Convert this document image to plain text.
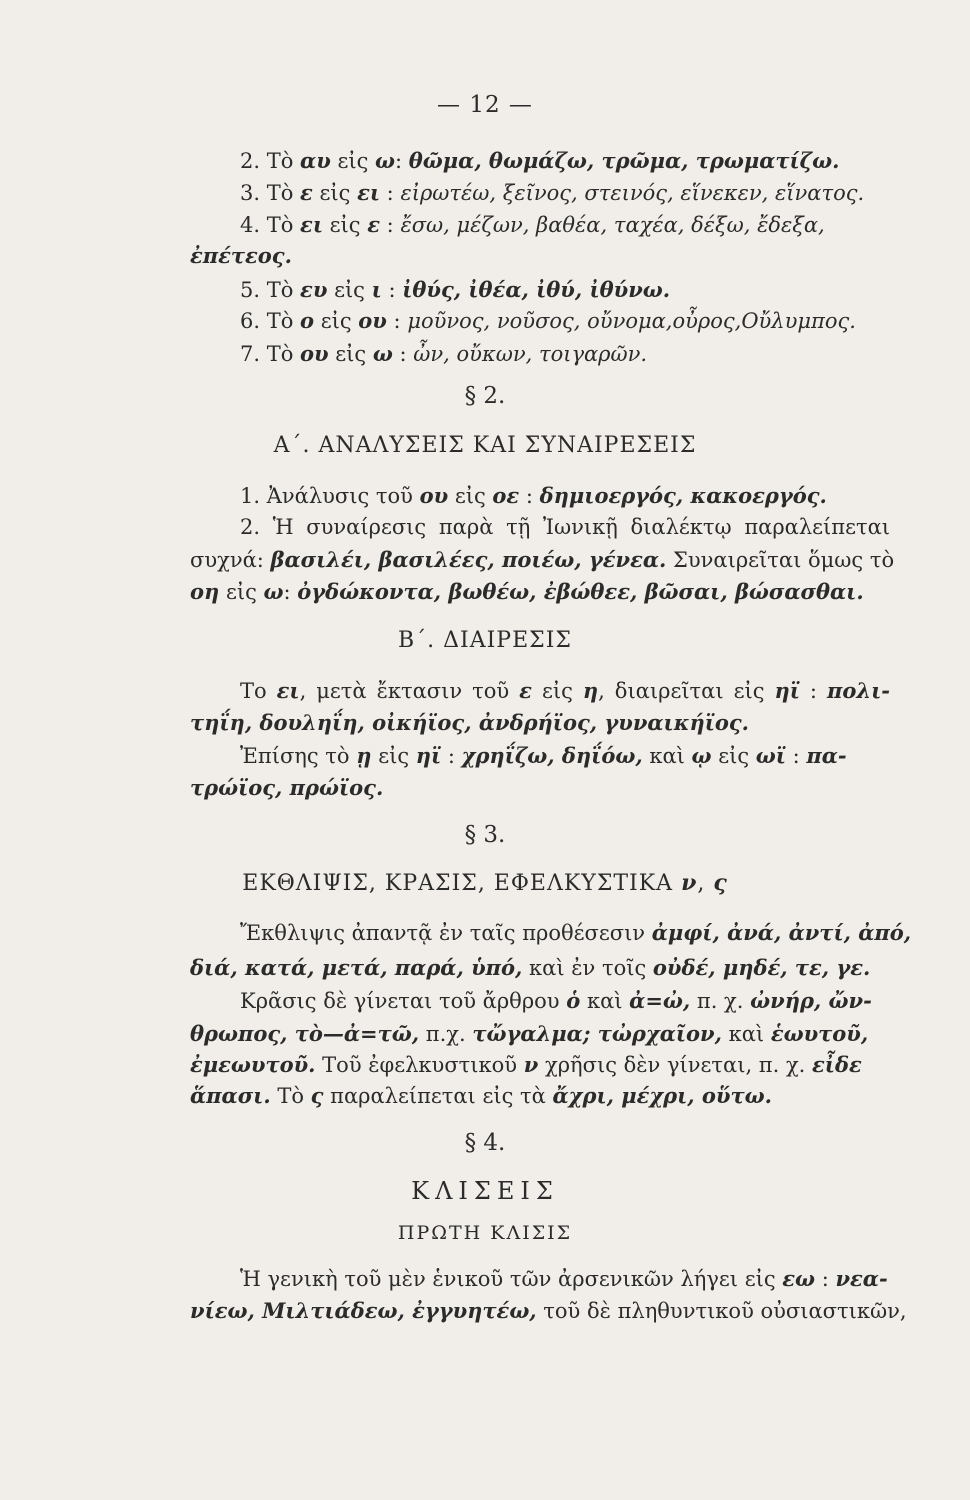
— 12 —
2. Τὸ αυ εἰς ω: θῶμα, θωμάζω, τρῶμα, τρωματίζω.
3. Τὸ ε εἰς ει : εἰρωτέω, ξεῖνος, στεινός, εἵνεκεν, εἵνατος.
4. Τὸ ει εἰς ε : ἔσω, μέζων, βαθέα, ταχέα, δέξω, ἔδεξα,
ἐπέτεος.
5. Τὸ ευ εἰς ι : ἰθύς, ἰθέα, ἰθύ, ἰθύνω.
6. Τὸ ο εἰς ου : μοῦνος, νοῦσος, οὔνομα,οὖρος,Οὔλυμπος.
7. Τὸ ου εἰς ω : ὦν, οὔκων, τοιγαρῶν.
§ 2.
Α΄. ΑΝΑΛΥΣΕΙΣ ΚΑΙ ΣΥΝΑΙΡΕΣΕΙΣ
1. Ἀνάλυσις τοῦ ου εἰς οε : δημιοεργός, κακοεργός.
2. Ἡ συναίρεσις παρὰ τῇ Ἰωνικῇ διαλέκτῳ παραλείπεται
συχνά: βασιλέι, βασιλέες, ποιέω, γένεα. Συναιρεῖται ὅμως τὸ
οη εἰς ω: ὀγδώκοντα, βωθέω, ἐβώθεε, βῶσαι, βώσασθαι.
Β΄. ΔΙΑΙΡΕΣΙΣ
Το ει, μετὰ ἔκτασιν τοῦ ε εἰς η, διαιρεῖται εἰς ηϊ : πολι-
τηΐη, δουληΐη, οἰκήϊος, ἀνδρήϊος, γυναικήϊος.
Ἐπίσης τὸ ῃ εἰς ηϊ : χρηΐζω, δηΐόω, καὶ ῳ εἰς ωϊ : πα-
τρώϊος, πρώϊος.
§ 3.
ΕΚΘΛΙΨΙΣ, ΚΡΑΣΙΣ, ΕΦΕΛΚΥΣΤΙΚΑ ν, ς
Ἔκθλιψις ἀπαντᾷ ἐν ταῖς προθέσεσιν ἀμφί, ἀνά, ἀντί, ἀπό,
διά, κατά, μετά, παρά, ὑπό, καὶ ἐν τοῖς οὐδέ, μηδέ, τε, γε.
Κρᾶσις δὲ γίνεται τοῦ ἄρθρου ὁ καὶ ἀ=ὠ, π. χ. ὠνήρ, ὤν-
θρωπος, τὸ—ἀ=τῶ, π.χ. τὤγαλμα; τὠρχαῖον, καὶ ἑωυτοῦ,
ἐμεωυτοῦ. Τοῦ ἐφελκυστικοῦ ν χρῆσις δὲν γίνεται, π. χ. εἶδε
ἅπασι. Τὸ ς παραλείπεται εἰς τὰ ἄχρι, μέχρι, οὕτω.
§ 4.
ΚΛΙΣΕΙΣ
ΠΡΩΤΗ ΚΛΙΣΙΣ
Ἡ γενικὴ τοῦ μὲν ἑνικοῦ τῶν ἀρσενικῶν λήγει εἰς εω : νεα-
νίεω, Μιλτιάδεω, ἐγγυητέω, τοῦ δὲ πληθυντικοῦ οὐσιαστικῶν,
